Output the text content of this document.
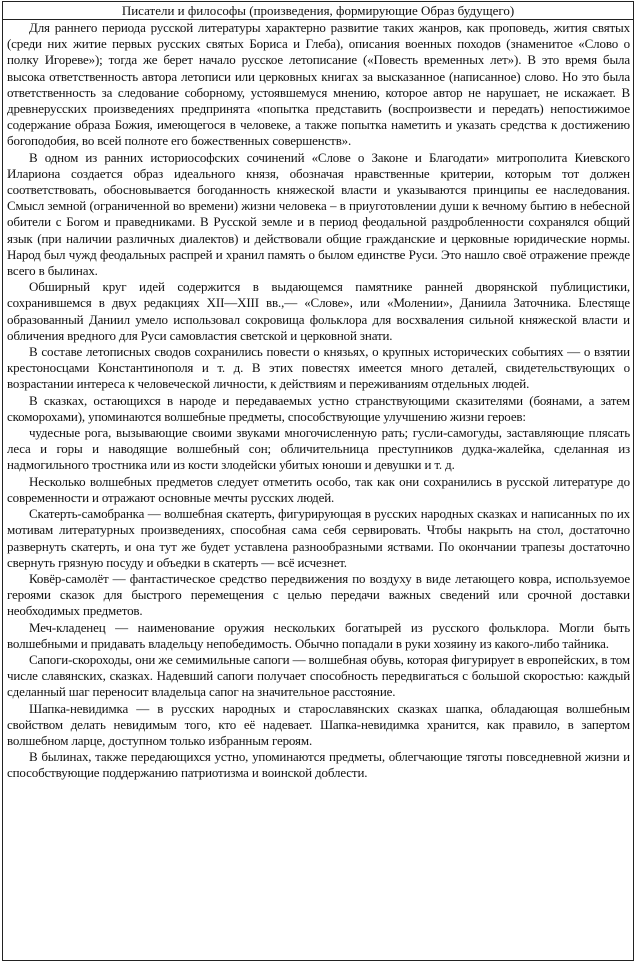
Писатели и философы (произведения, формирующие Образ будущего)

Для раннего периода русской литературы характерно развитие таких жанров, как проповедь, жития святых (среди них житие первых русских святых Бориса и Глеба), описания военных походов (знаменитое «Слово о полку Игореве»); тогда же берет начало русское летописание («Повесть временных лет»). В это время была высока ответственность автора летописи или церковных книгах за высказанное (написанное) слово. Но это была ответственность за следование соборному, устоявшемуся мнению, которое автор не нарушает, не искажает. В древнерусских произведениях предпринята «попытка представить (воспроизвести и передать) непостижимое содержание образа Божия, имеющегося в человеке, а также попытка наметить и указать средства к достижению богоподобия, во всей полноте его божественных совершенств».

В одном из ранних историософских сочинений «Слове о Законе и Благодати» митрополита Киевского Илариона создается образ идеального князя, обозначая нравственные критерии, которым тот должен соответствовать, обосновывается богоданность княжеской власти и указываются принципы ее наследования. Смысл земной (ограниченной во времени) жизни человека – в приуготовлении души к вечному бытию в небесной обители с Богом и праведниками. В Русской земле и в период феодальной раздробленности сохранялся общий язык (при наличии различных диалектов) и действовали общие гражданские и церковные юридические нормы. Народ был чужд феодальных распрей и хранил память о былом единстве Руси. Это нашло своё отражение прежде всего в былинах.

Обширный круг идей содержится в выдающемся памятнике ранней дворянской публицистики, сохранившемся в двух редакциях XII—XIII вв.,— «Слове», или «Молении», Даниила Заточника. Блестяще образованный Даниил умело использовал сокровища фольклора для восхваления сильной княжеской власти и обличения вредного для Руси самовластия светской и церковной знати.

В составе летописных сводов сохранились повести о князьях, о крупных исторических событиях — о взятии крестоносцами Константинополя и т. д. В этих повестях имеется много деталей, свидетельствующих о возрастании интереса к человеческой личности, к действиям и переживаниям отдельных людей.

В сказках, остающихся в народе и передаваемых устно странствующими сказителями (боянами, а затем скоморохами), упоминаются волшебные предметы, способствующие улучшению жизни героев:

чудесные рога, вызывающие своими звуками многочисленную рать; гусли-самогуды, заставляющие плясать леса и горы и наводящие волшебный сон; обличительница преступников дудка-жалейка, сделанная из надмогильного тростника или из кости злодейски убитых юноши и девушки и т. д.

Несколько волшебных предметов следует отметить особо, так как они сохранились в русской литературе до современности и отражают основные мечты русских людей.

Скатерть-самобранка — волшебная скатерть, фигурирующая в русских народных сказках и написанных по их мотивам литературных произведениях, способная сама себя сервировать. Чтобы накрыть на стол, достаточно развернуть скатерть, и она тут же будет уставлена разнообразными яствами. По окончании трапезы достаточно свернуть грязную посуду и объедки в скатерть — всё исчезнет.

Ковёр-самолёт — фантастическое средство передвижения по воздуху в виде летающего ковра, используемое героями сказок для быстрого перемещения с целью передачи важных сведений или срочной доставки необходимых предметов.

Меч-кладенец — наименование оружия нескольких богатырей из русского фольклора. Могли быть волшебными и придавать владельцу непобедимость. Обычно попадали в руки хозяину из какого-либо тайника.

Сапоги-скороходы, они же семимильные сапоги — волшебная обувь, которая фигурирует в европейских, в том числе славянских, сказках. Надевший сапоги получает способность передвигаться с большой скоростью: каждый сделанный шаг переносит владельца сапог на значительное расстояние.

Шапка-невидимка — в русских народных и старославянских сказках шапка, обладающая волшебным свойством делать невидимым того, кто её надевает. Шапка-невидимка хранится, как правило, в запертом волшебном ларце, доступном только избранным героям.

В былинах, также передающихся устно, упоминаются предметы, облегчающие тяготы повседневной жизни и способствующие поддержанию патриотизма и воинской доблести.
